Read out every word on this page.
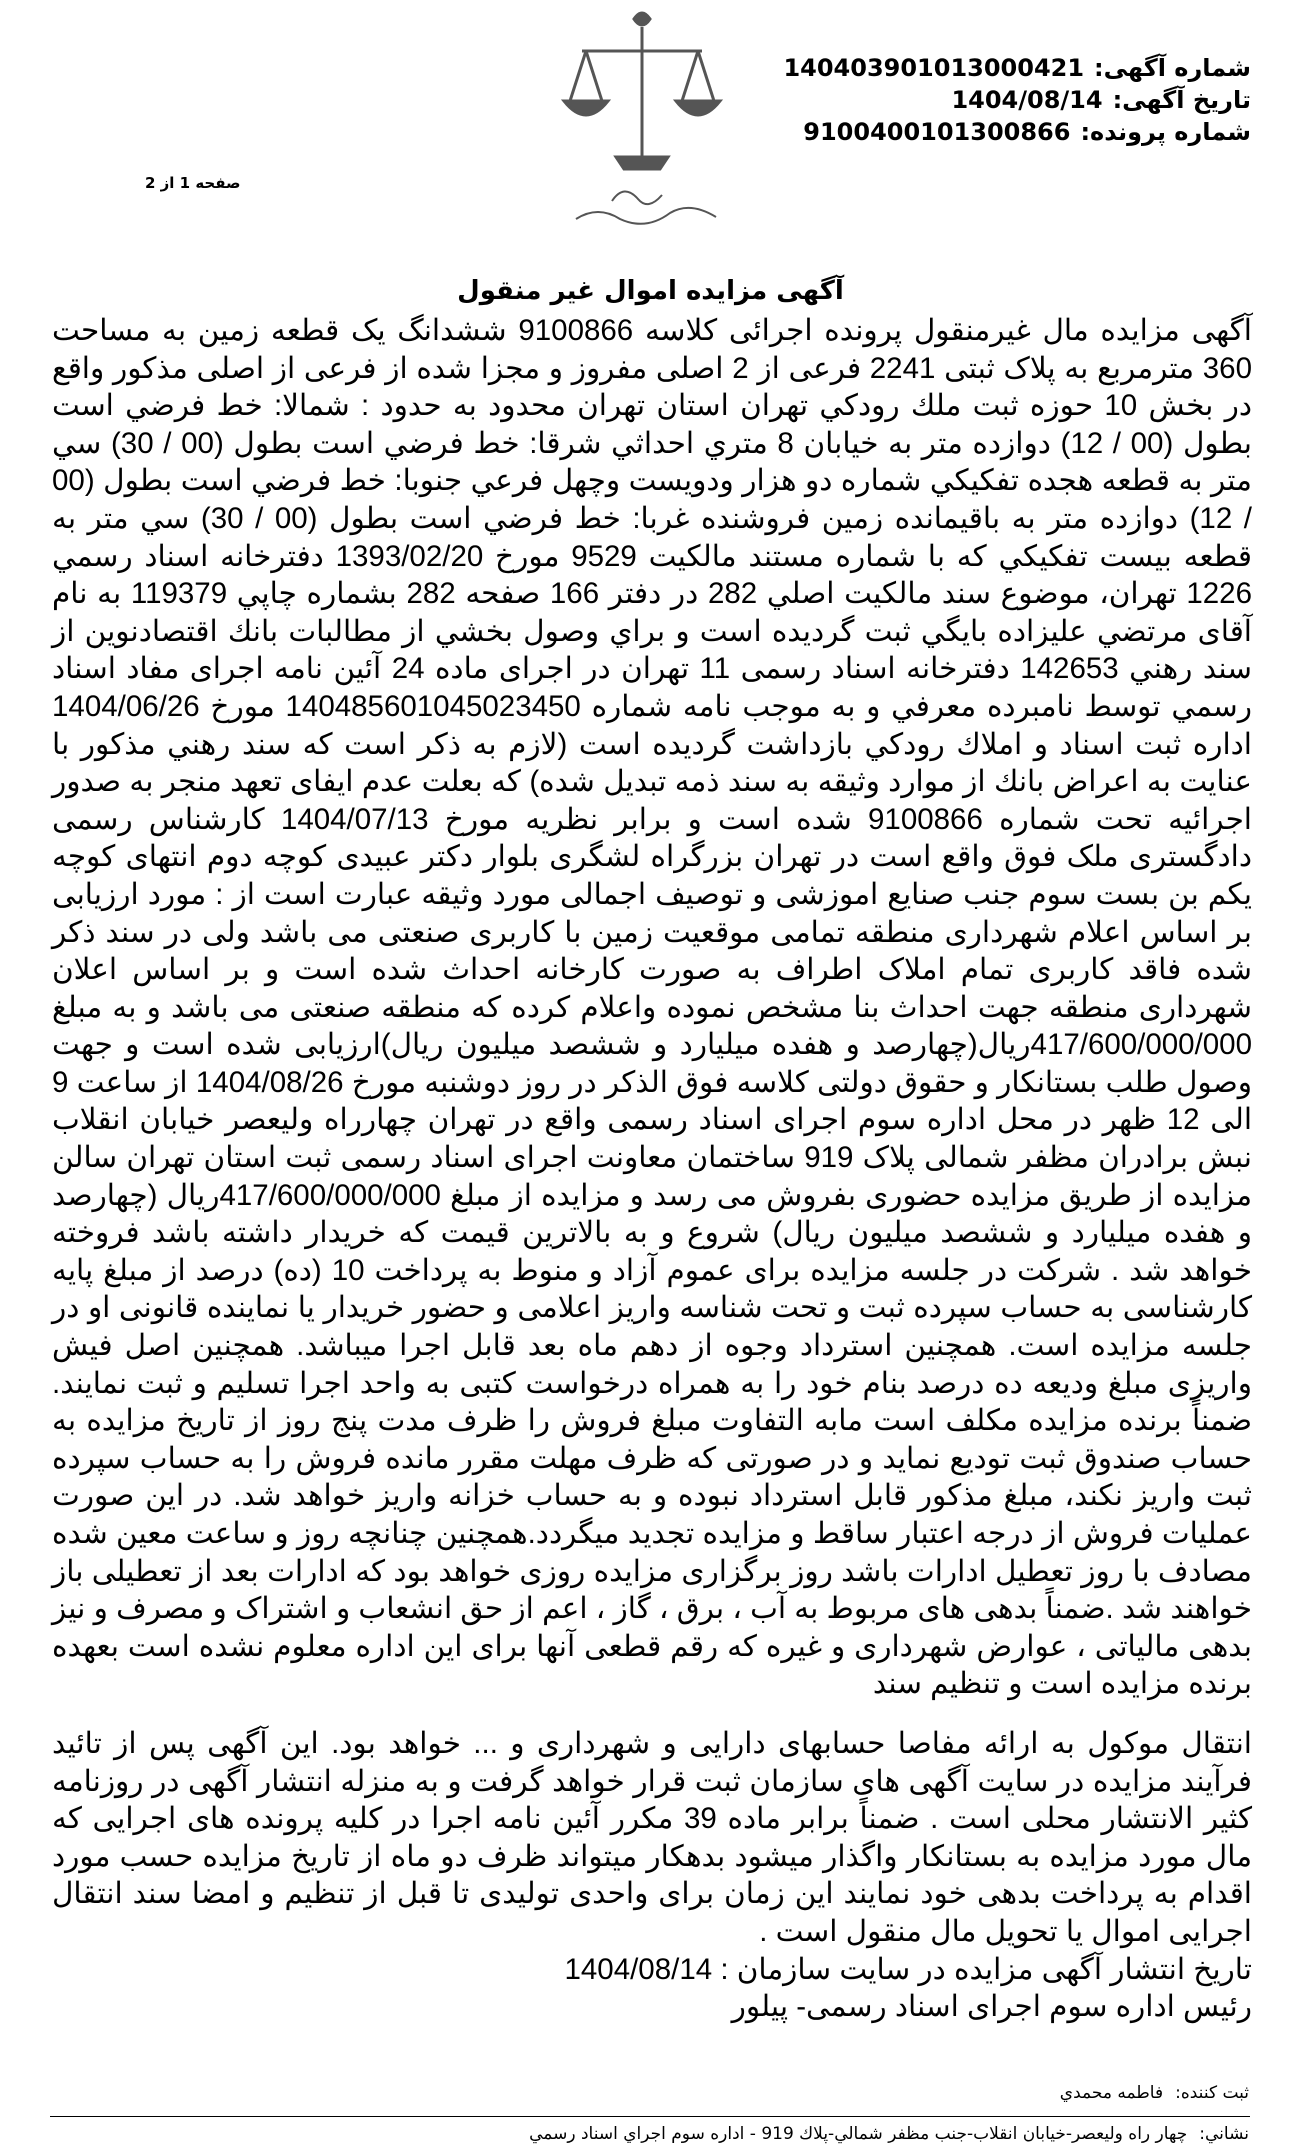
شماره آگهی:
140403901013000421
تاریخ آگهی:
1404/08/14
شماره پرونده:
9100400101300866
صفحه 1 از 2
آگهی مزایده اموال غیر منقول

آگهی مزایده مال غیرمنقول پرونده اجرائی کلاسه 9100866 ششدانگ یک قطعه زمین به مساحت 360 مترمربع به پلاک ثبتی 2241 فرعی از 2 اصلی مفروز و مجزا شده از فرعی از اصلی مذکور واقع در بخش 10 حوزه ثبت ملك رودكي تهران استان تهران محدود به حدود : شمالا: خط فرضي است بطول (00 / 12) دوازده متر به خيابان 8 متري احداثي شرقا: خط فرضي است بطول (00 / 30) سي متر به قطعه هجده تفكيكي شماره دو هزار ودويست وچهل فرعي جنوبا: خط فرضي است بطول (00 / 12) دوازده متر به باقيمانده زمين فروشنده غربا: خط فرضي است بطول (00 / 30) سي متر به قطعه بيست تفكيكي كه با شماره مستند مالكيت 9529 مورخ 1393/02/20 دفترخانه اسناد رسمي 1226 تهران، موضوع سند مالكيت اصلي 282 در دفتر 166 صفحه 282 بشماره چاپي 119379 به نام آقای مرتضي عليزاده بايگي ثبت گرديده است و براي وصول بخشي از مطالبات بانك اقتصادنوين از سند رهني 142653 دفترخانه اسناد رسمی 11 تهران در اجرای ماده 24 آئين نامه اجرای مفاد اسناد رسمي توسط نامبرده معرفي و به موجب نامه شماره 140485601045023450 مورخ 1404/06/26 اداره ثبت اسناد و املاك رودكي بازداشت گرديده است (لازم به ذكر است كه سند رهني مذكور با عنايت به اعراض بانك از موارد وثيقه به سند ذمه تبديل شده) كه بعلت عدم ايفای تعهد منجر به صدور اجرائيه تحت شماره 9100866 شده است و برابر نظريه مورخ 1404/07/13 كارشناس رسمی دادگستری ملک فوق واقع است در تهران بزرگراه لشگری بلوار دکتر عبیدی کوچه دوم انتهای کوچه یکم بن بست سوم جنب صنایع اموزشی و توصیف اجمالی مورد وثیقه عبارت است از : مورد ارزیابی بر اساس اعلام شهرداری منطقه تمامی موقعیت زمین با کاربری صنعتی می باشد ولی در سند ذکر شده فاقد کاربری تمام املاک اطراف به صورت کارخانه احداث شده است و بر اساس اعلان شهرداری منطقه جهت احداث بنا مشخص نموده واعلام کرده که منطقه صنعتی می باشد و به مبلغ 417/600/000/000ريال(چهارصد و هفده ميليارد و ششصد ميليون ريال)ارزيابی شده است و جهت وصول طلب بستانكار و حقوق دولتی كلاسه فوق الذكر در روز دوشنبه مورخ 1404/08/26 از ساعت 9 الی 12 ظهر در محل اداره سوم اجرای اسناد رسمی واقع در تهران چهارراه وليعصر خيابان انقلاب نبش برادران مظفر شمالی پلاک 919 ساختمان معاونت اجرای اسناد رسمی ثبت استان تهران سالن مزايده از طريق مزايده حضوری بفروش می رسد و مزايده از مبلغ 417/600/000/000ريال (چهارصد و هفده ميليارد و ششصد ميليون ريال) شروع و به بالاترين قيمت كه خريدار داشته باشد فروخته خواهد شد . شركت در جلسه مزايده برای عموم آزاد و منوط به پرداخت 10 (ده) درصد از مبلغ پايه كارشناسی به حساب سپرده ثبت و تحت شناسه واريز اعلامی و حضور خريدار يا نماينده قانونی او در جلسه مزايده است. همچنين استرداد وجوه از دهم ماه بعد قابل اجرا ميباشد. همچنين اصل فيش واريزی مبلغ وديعه ده درصد بنام خود را به همراه درخواست كتبی به واحد اجرا تسليم و ثبت نمايند. ضمناً برنده مزايده مكلف است مابه التفاوت مبلغ فروش را ظرف مدت پنج روز از تاريخ مزايده به حساب صندوق ثبت توديع نمايد و در صورتی كه ظرف مهلت مقرر مانده فروش را به حساب سپرده ثبت واريز نكند، مبلغ مذكور قابل استرداد نبوده و به حساب خزانه واريز خواهد شد. در اين صورت عمليات فروش از درجه اعتبار ساقط و مزايده تجديد ميگردد.همچنين چنانچه روز و ساعت معين شده مصادف با روز تعطيل ادارات باشد روز برگزاری مزايده روزی خواهد بود كه ادارات بعد از تعطيلی باز خواهند شد .ضمناً بدهی های مربوط به آب ، برق ، گاز ، اعم از حق انشعاب و اشتراک و مصرف و نيز بدهی مالياتی ، عوارض شهرداری و غيره كه رقم قطعی آنها برای اين اداره معلوم نشده است بعهده برنده مزايده است و تنظيم سند

انتقال موكول به ارائه مفاصا حسابهای دارايی و شهرداری و ... خواهد بود. اين آگهی پس از تائيد فرآيند مزايده در سايت آگهی های سازمان ثبت قرار خواهد گرفت و به منزله انتشار آگهی در روزنامه كثير الانتشار محلی است . ضمناً برابر ماده 39 مكرر آئين نامه اجرا در كليه پرونده های اجرايی كه مال مورد مزايده به بستانكار واگذار ميشود بدهكار ميتواند ظرف دو ماه از تاريخ مزايده حسب مورد اقدام به پرداخت بدهی خود نمايند اين زمان برای واحدی توليدی تا قبل از تنظيم و امضا سند انتقال اجرايی اموال يا تحويل مال منقول است .

تاریخ انتشار آگهی مزایده در سایت سازمان : 1404/08/14
رئیس اداره سوم اجرای اسناد رسمی- پیلور
ثبت كننده:
فاطمه محمدي
نشاني:
چهار راه وليعصر-خيابان انقلاب-جنب مظفر شمالي-پلاك 919 - اداره سوم اجراي اسناد رسمي
